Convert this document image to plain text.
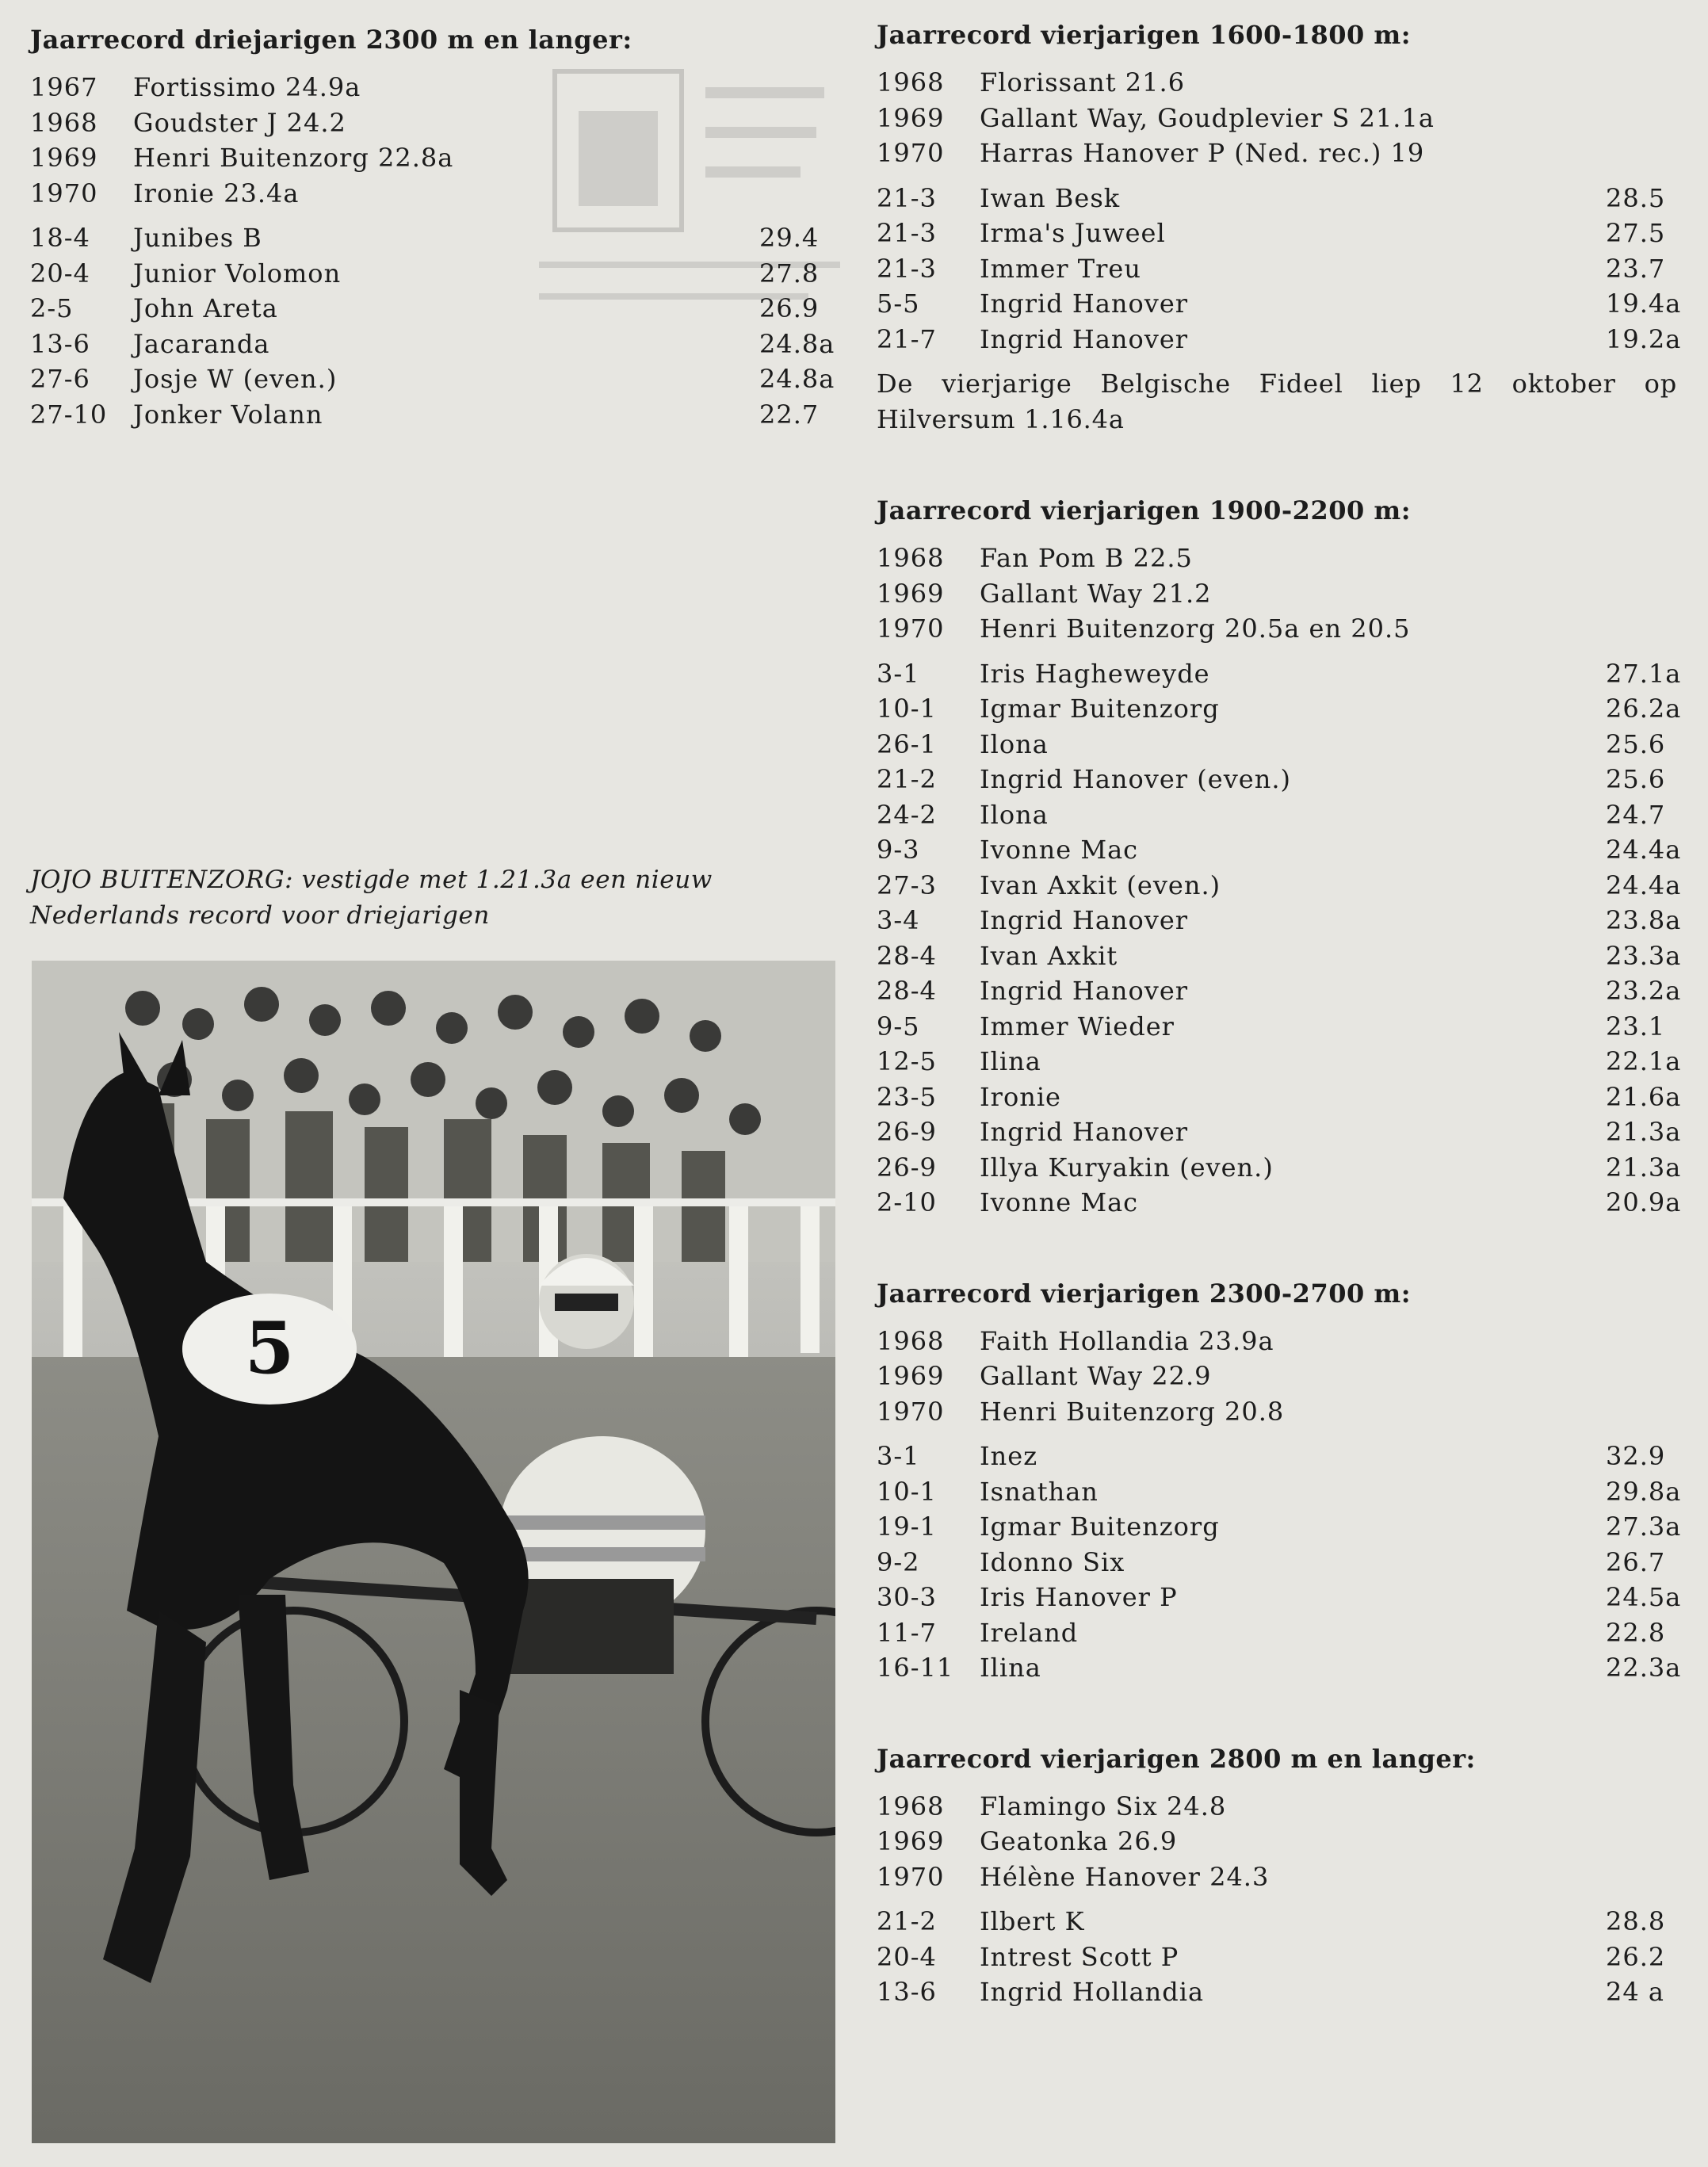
Jaarrecord driejarigen 2300 m en langer:
1967	Fortissimo 24.9a
1968	Goudster J 24.2
1969	Henri Buitenzorg 22.8a
1970	Ironie 23.4a
18-4	Junibes B	29.4
20-4	Junior Volomon	27.8
2-5	John Areta	26.9
13-6	Jacaranda	24.8a
27-6	Josje W (even.)	24.8a
27-10	Jonker Volann	22.7
JOJO BUITENZORG: vestigde met 1.21.3a een nieuw
Nederlands record voor driejarigen
5
Jaarrecord vierjarigen 1600-1800 m:
1968	Florissant 21.6
1969	Gallant Way, Goudplevier S 21.1a
1970	Harras Hanover P (Ned. rec.) 19
21-3	Iwan Besk	28.5
21-3	Irma's Juweel	27.5
21-3	Immer Treu	23.7
5-5	Ingrid Hanover	19.4a
21-7	Ingrid Hanover	19.2a

De vierjarige Belgische Fideel liep 12 oktober op Hilversum 1.16.4a

Jaarrecord vierjarigen 1900-2200 m:
1968	Fan Pom B 22.5
1969	Gallant Way 21.2
1970	Henri Buitenzorg 20.5a en 20.5
3-1	Iris Hagheweyde	27.1a
10-1	Igmar Buitenzorg	26.2a
26-1	Ilona	25.6
21-2	Ingrid Hanover (even.)	25.6
24-2	Ilona	24.7
9-3	Ivonne Mac	24.4a
27-3	Ivan Axkit (even.)	24.4a
3-4	Ingrid Hanover	23.8a
28-4	Ivan Axkit	23.3a
28-4	Ingrid Hanover	23.2a
9-5	Immer Wieder	23.1
12-5	Ilina	22.1a
23-5	Ironie	21.6a
26-9	Ingrid Hanover	21.3a
26-9	Illya Kuryakin (even.)	21.3a
2-10	Ivonne Mac	20.9a
Jaarrecord vierjarigen 2300-2700 m:
1968	Faith Hollandia 23.9a
1969	Gallant Way 22.9
1970	Henri Buitenzorg 20.8
3-1	Inez	32.9
10-1	Isnathan	29.8a
19-1	Igmar Buitenzorg	27.3a
9-2	Idonno Six	26.7
30-3	Iris Hanover P	24.5a
11-7	Ireland	22.8
16-11	Ilina	22.3a
Jaarrecord vierjarigen 2800 m en langer:
1968	Flamingo Six 24.8
1969	Geatonka 26.9
1970	Hélène Hanover 24.3
21-2	Ilbert K	28.8
20-4	Intrest Scott P	26.2
13-6	Ingrid Hollandia	24 a
